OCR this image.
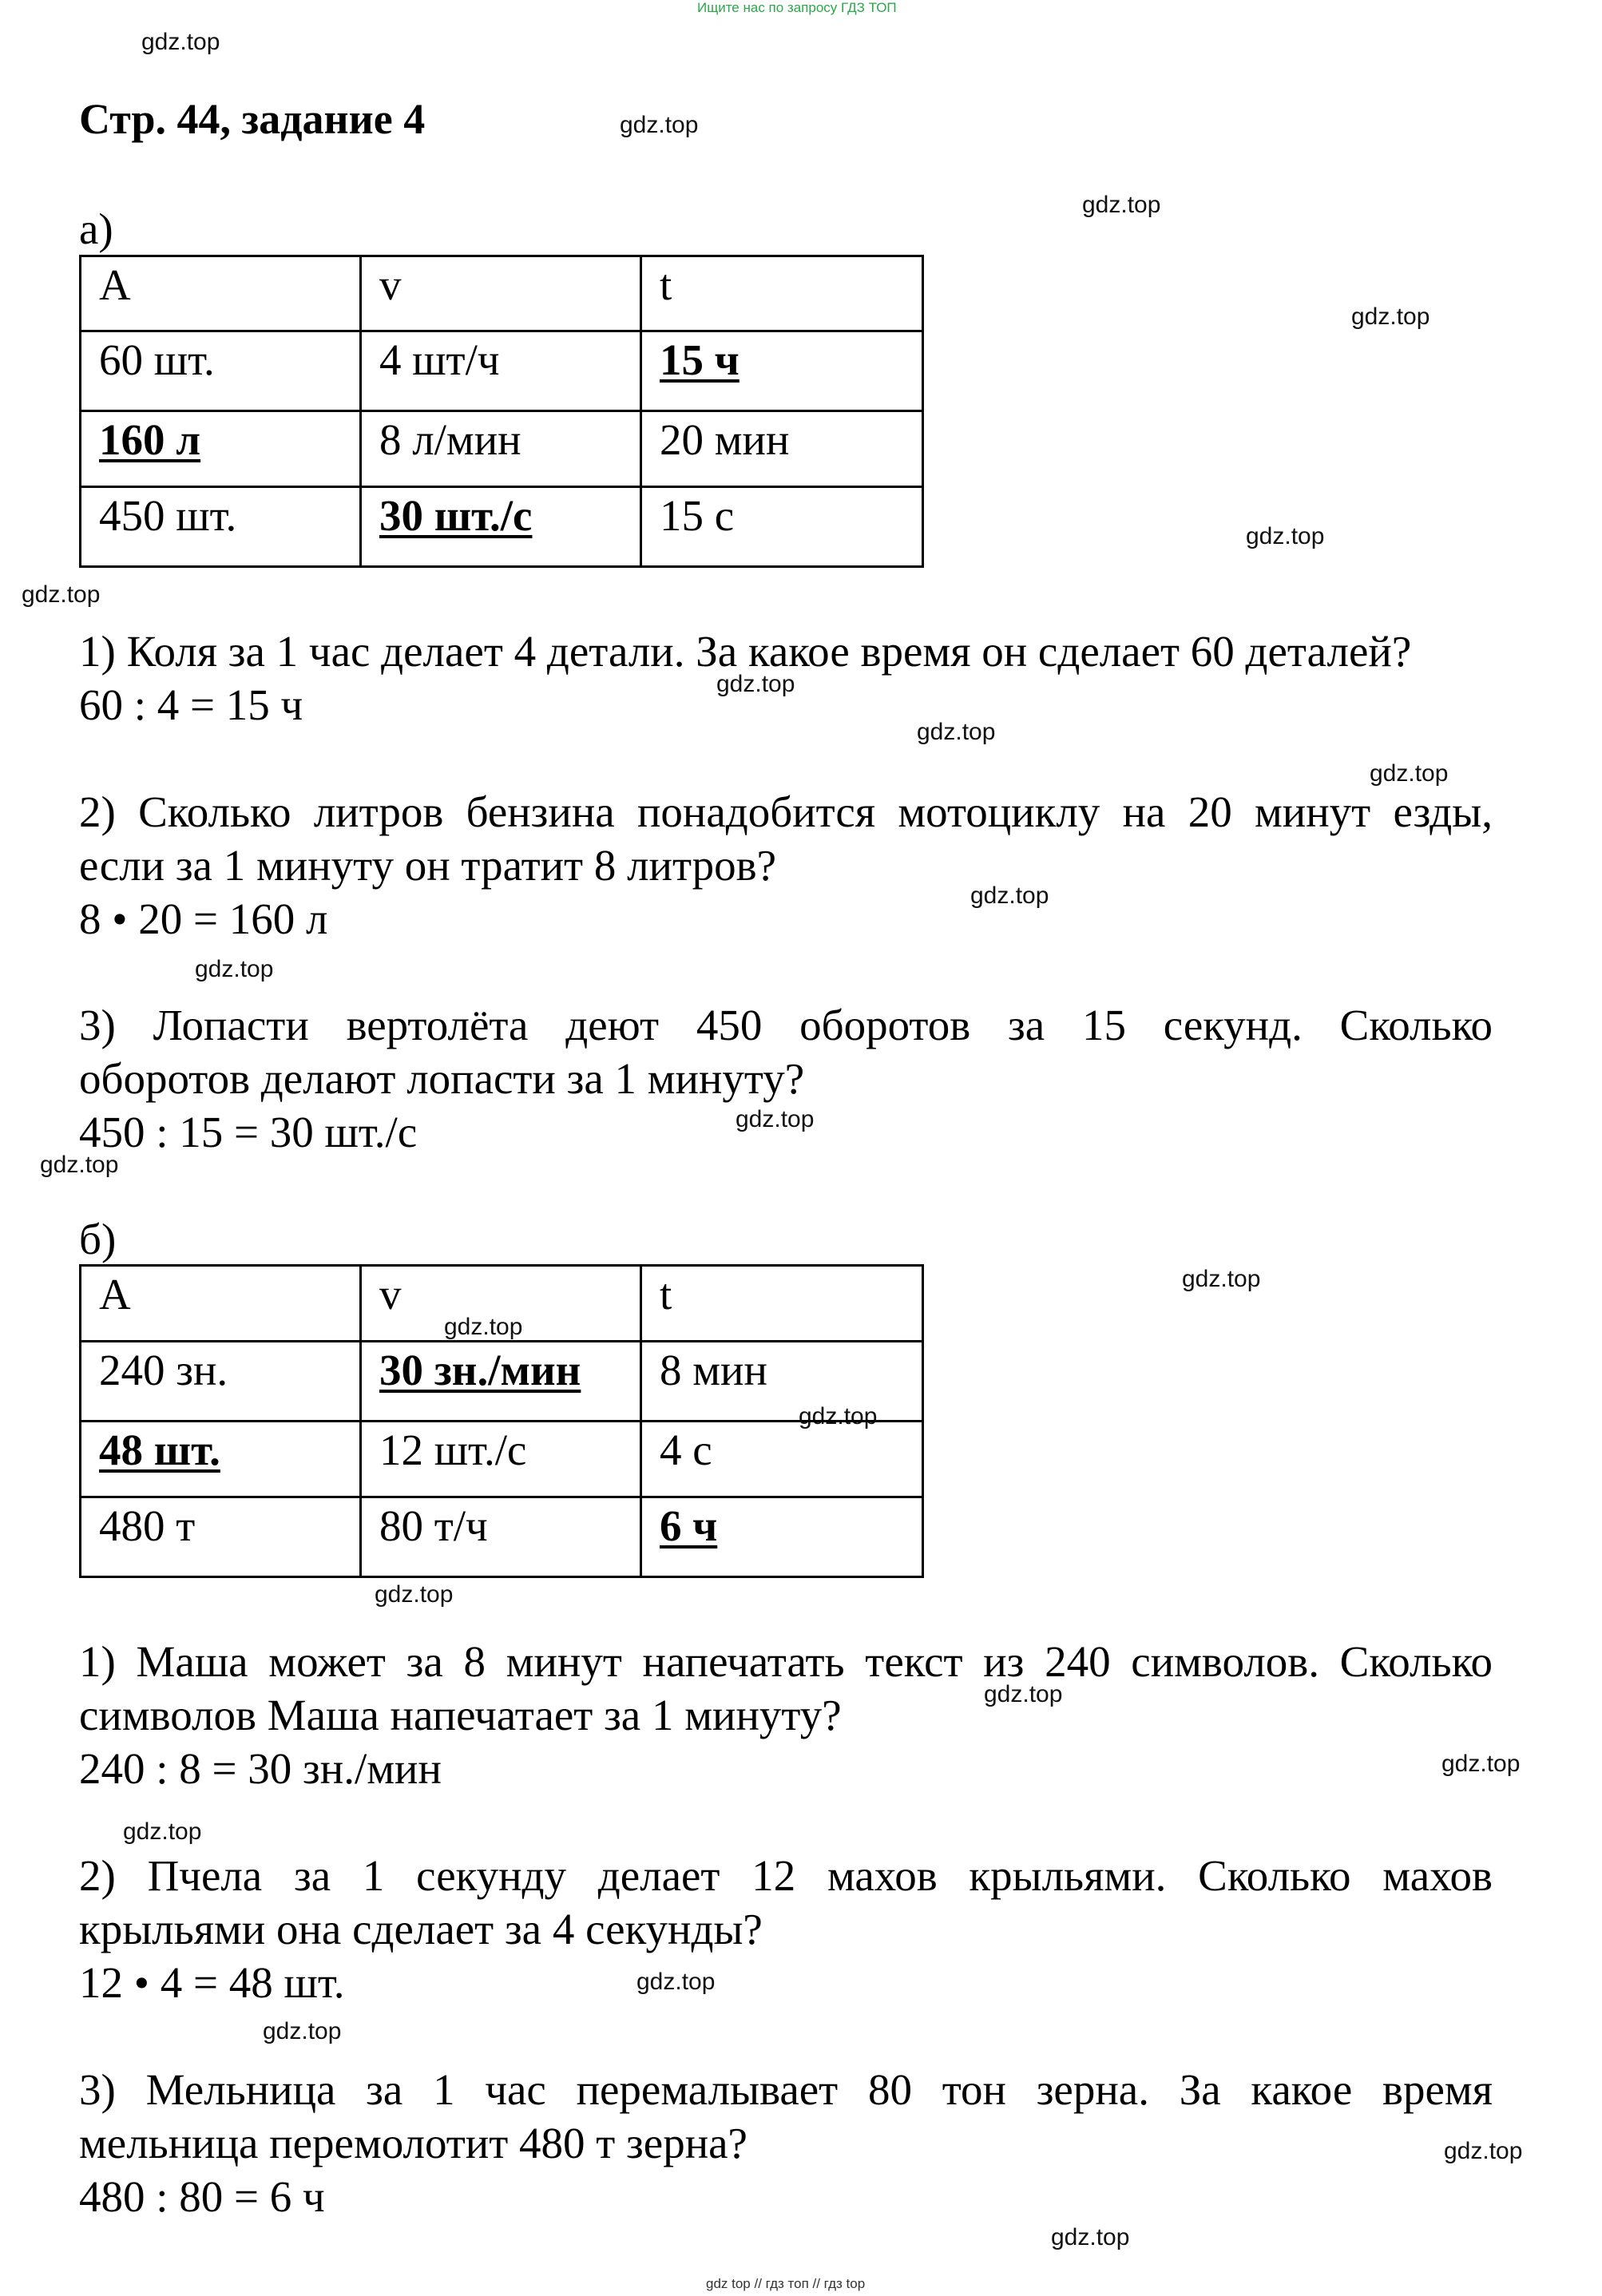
Ищите нас по запросу ГДЗ ТОП
gdz top // гдз топ // гдз top
gdz.top
gdz.top
gdz.top
gdz.top
gdz.top
gdz.top
gdz.top
gdz.top
gdz.top
gdz.top
gdz.top
gdz.top
gdz.top
gdz.top
gdz.top
gdz.top
gdz.top
gdz.top
gdz.top
gdz.top
gdz.top
gdz.top
gdz.top
gdz.top
Стр. 44, задание 4
а)
A	v	t
60 шт.	4 шт/ч	15 ч
160 л	8 л/мин	20 мин
450 шт.	30 шт./с	15 с
1) Коля за 1 час делает 4 детали. За какое время он сделает 60 деталей?
60 : 4 = 15 ч
2) Сколько литров бензина понадобится мотоциклу на 20 минут езды,
если за 1 минуту он тратит 8 литров?
8 • 20 = 160 л
3) Лопасти вертолёта деют 450 оборотов за 15 секунд. Сколько
оборотов делают лопасти за 1 минуту?
450 : 15 = 30 шт./с
б)
A	v	t
240 зн.	30 зн./мин	8 мин
48 шт.	12 шт./с	4 с
480 т	80 т/ч	6 ч
1) Маша может за 8 минут напечатать текст из 240 символов. Сколько
символов Маша напечатает за 1 минуту?
240 : 8 = 30 зн./мин
2) Пчела за 1 секунду делает 12 махов крыльями. Сколько махов
крыльями она сделает за 4 секунды?
12 • 4 = 48 шт.
3) Мельница за 1 час перемалывает 80 тон зерна. За какое время
мельница перемолотит 480 т зерна?
480 : 80 = 6 ч
